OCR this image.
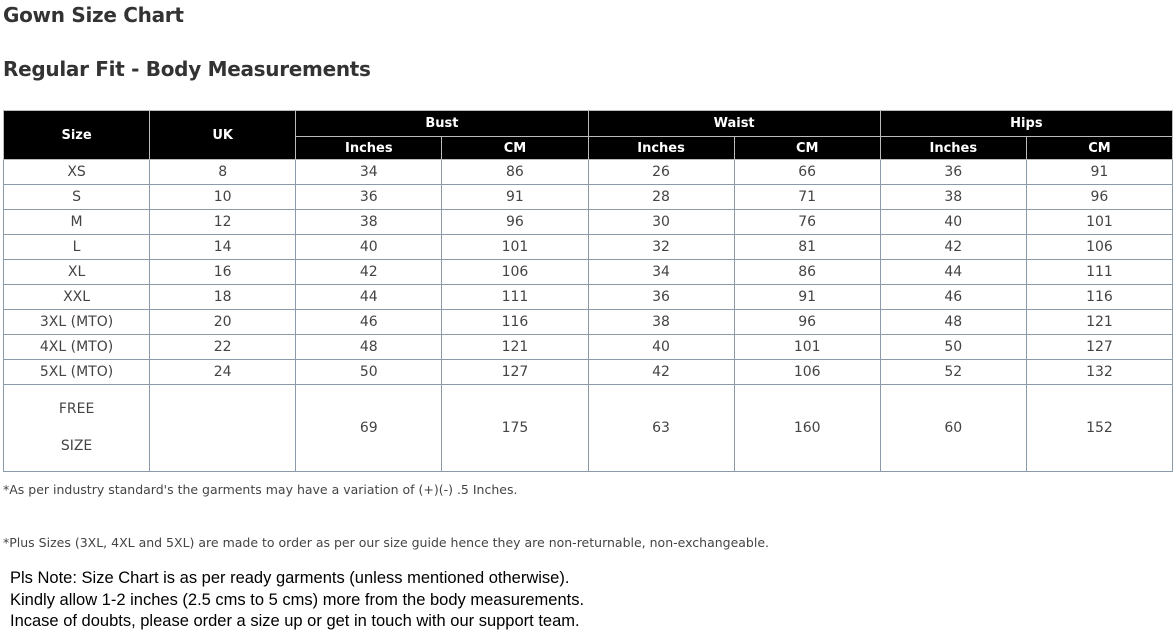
Gown Size Chart
Regular Fit - Body Measurements
Size	UK	Bust		Waist		Hips	
		Inches	CM	Inches	CM	Inches	CM
XS	8	34	86	26	66	36	91
S	10	36	91	28	71	38	96
M	12	38	96	30	76	40	101
L	14	40	101	32	81	42	106
XL	16	42	106	34	86	44	111
XXL	18	44	111	36	91	46	116
3XL (MTO)	20	46	116	38	96	48	121
4XL (MTO)	22	48	121	40	101	50	127
5XL (MTO)	24	50	127	42	106	52	132

FREE
SIZE		69	175	63	160	60	152
*As per industry standard's the garments may have a variation of (+)(-) .5 Inches.
*Plus Sizes (3XL, 4XL and 5XL) are made to order as per our size guide hence they are non-returnable, non-exchangeable.
Pls Note: Size Chart is as per ready garments (unless mentioned otherwise).
Kindly allow 1-2 inches (2.5 cms to 5 cms) more from the body measurements.
Incase of doubts, please order a size up or get in touch with our support team.
